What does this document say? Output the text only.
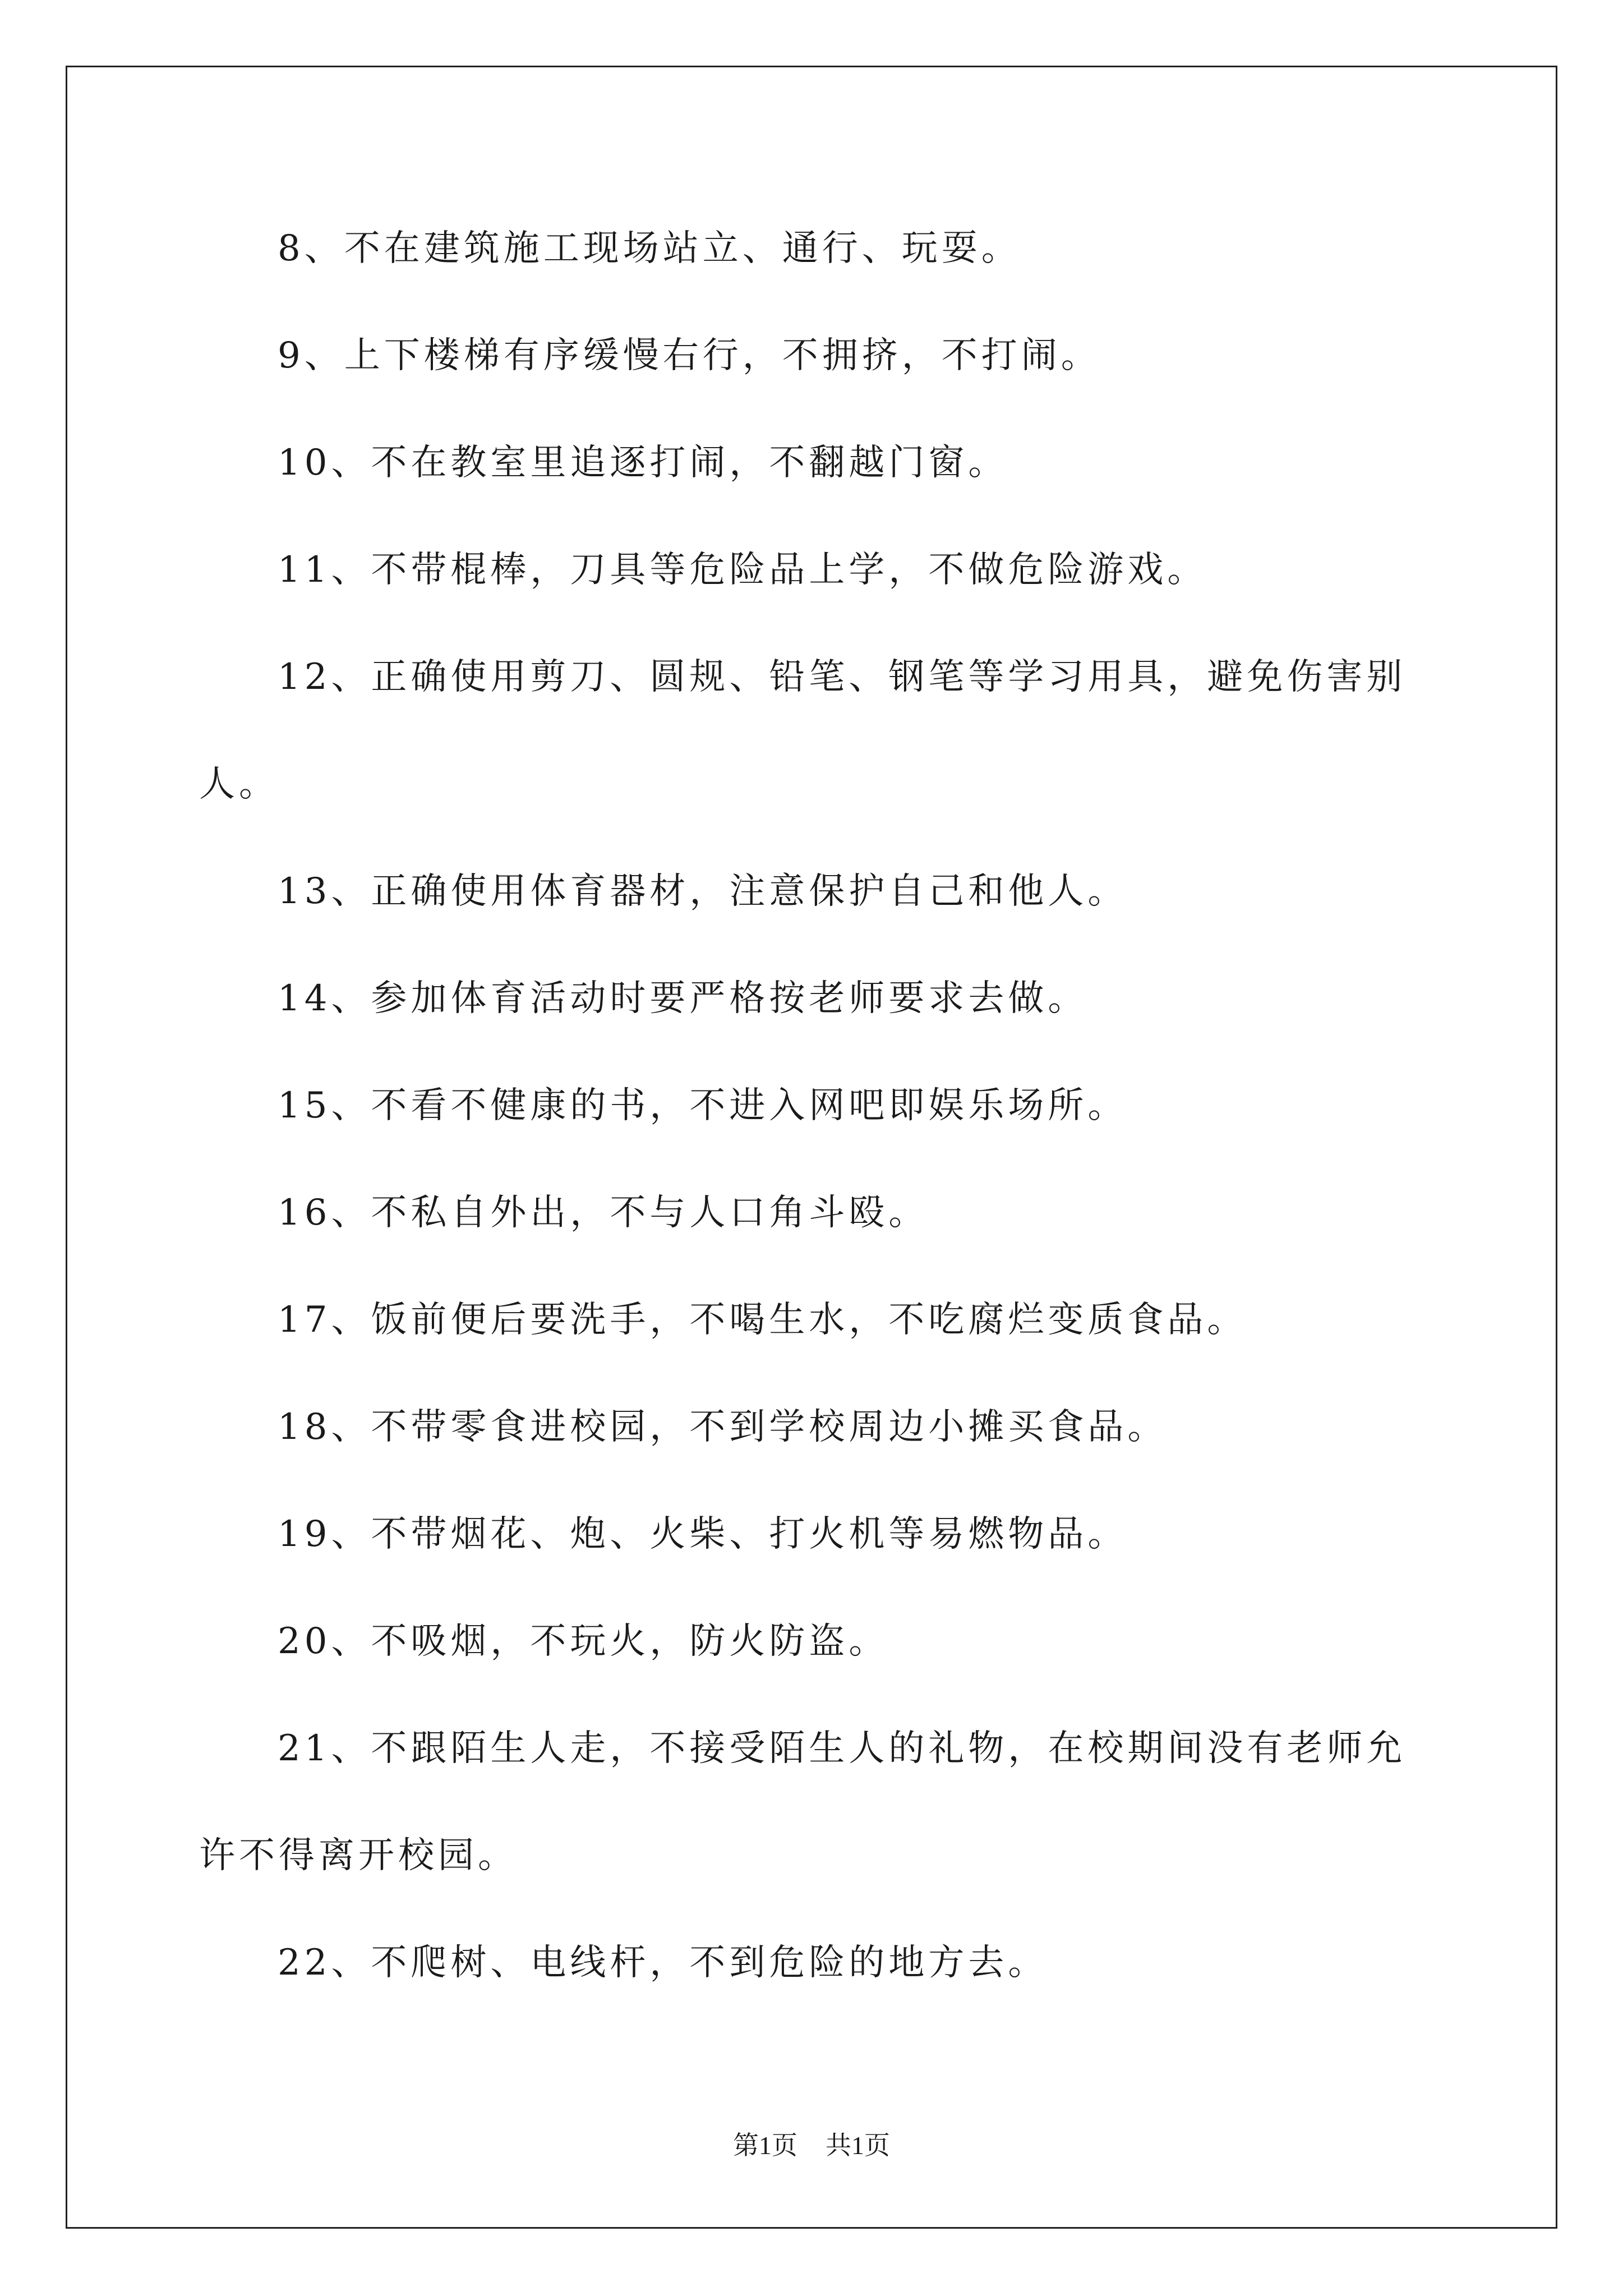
8、不在建筑施工现场站立、通行、玩耍。

9、上下楼梯有序缓慢右行，不拥挤，不打闹。

10、不在教室里追逐打闹，不翻越门窗。

11、不带棍棒，刀具等危险品上学，不做危险游戏。

12、正确使用剪刀、圆规、铅笔、钢笔等学习用具，避免伤害别

人。

13、正确使用体育器材，注意保护自己和他人。

14、参加体育活动时要严格按老师要求去做。

15、不看不健康的书，不进入网吧即娱乐场所。

16、不私自外出，不与人口角斗殴。

17、饭前便后要洗手，不喝生水，不吃腐烂变质食品。

18、不带零食进校园，不到学校周边小摊买食品。

19、不带烟花、炮、火柴、打火机等易燃物品。

20、不吸烟，不玩火，防火防盗。

21、不跟陌生人走，不接受陌生人的礼物，在校期间没有老师允

许不得离开校园。

22、不爬树、电线杆，不到危险的地方去。

第1页 共1页
